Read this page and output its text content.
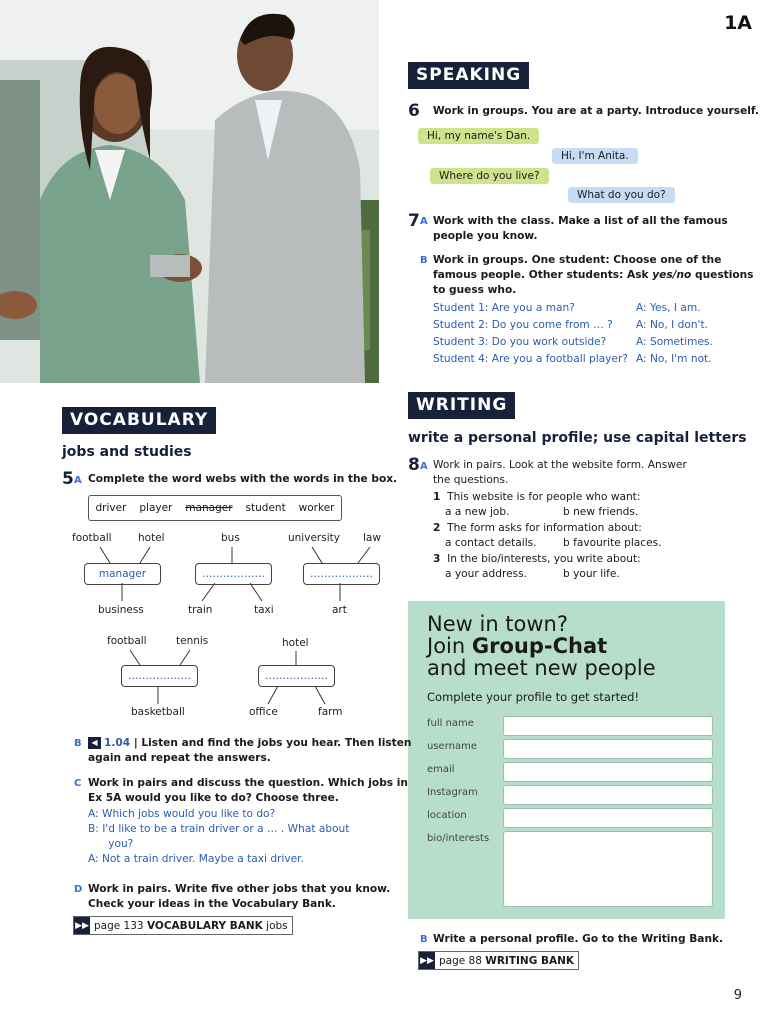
1A
9
SPEAKING
6 Work in groups. You are at a party. Introduce yourself.
Hi, my name's Dan.
Hi, I'm Anita.
Where do you live?
What do you do?
7 A Work with the class. Make a list of all the famous
people you know.
B Work in groups. One student: Choose one of the
famous people. Other students: Ask yes/no questions
to guess who.
Student 1: Are you a man?	A: Yes, I am.
Student 2: Do you come from … ? A: No, I don't.
Student 3: Do you work outside?	A: Sometimes.
Student 4: Are you a football player? A: No, I'm not.
WRITING
write a personal profile; use capital letters
8 A Work in pairs. Look at the website form. Answer
the questions.
1 This website is for people who want:
a a new job.	b new friends.
2 The form asks for information about:
a contact details. b favourite places.
3 In the bio/interests, you write about:
a your address.	b your life.
New in town?
Join Group-Chat
and meet new people
Complete your profile to get started!
full name
username
email
Instagram
location
bio/interests
B Write a personal profile. Go to the Writing Bank.
▶▶ page 88 WRITING BANK
VOCABULARY
jobs and studies
5 A Complete the word webs with the words in the box.
driver player manager student worker
football	hotel
manager
business
bus
………………
train	taxi
university law
………………
art
football	tennis
………………
basketball
hotel
………………
office	farm
B	◀ 1.04 | Listen and find the jobs you hear. Then listen
again and repeat the answers.
C Work in pairs and discuss the question. Which jobs in
Ex 5A would you like to do? Choose three.
A: Which jobs would you like to do?
B: I'd like to be a train driver or a … . What about
you?
A: Not a train driver. Maybe a taxi driver.
D Work in pairs. Write five other jobs that you know.
Check your ideas in the Vocabulary Bank.
▶▶ page 133 VOCABULARY BANK jobs
